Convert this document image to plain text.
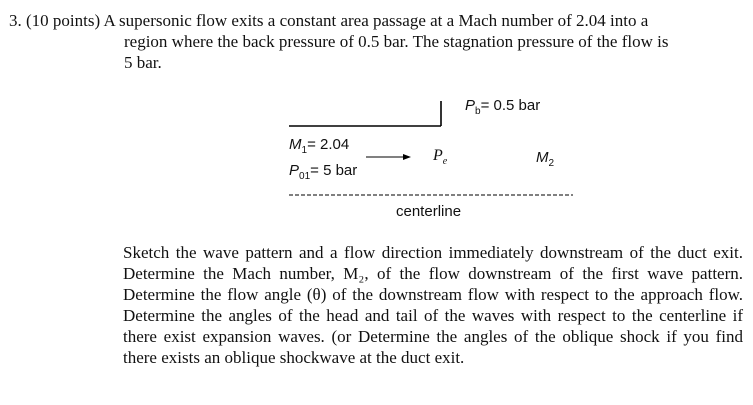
3. (10 points) A supersonic flow exits a constant area passage at a Mach number of 2.04 into a
region where the back pressure of 0.5 bar. The stagnation pressure of the flow is
5 bar.
$P_b= 0.5$ bar
$M_1= 2.04$
$P_{01}= 5$ bar
$P_e$	$M_2$
centerline

Sketch the wave pattern and a flow direction immediately downstream of the duct exit. Determine the Mach number, M₂, of the flow downstream of the first wave pattern. Determine the flow angle (θ) of the downstream flow with respect to the approach flow. Determine the angles of the head and tail of the waves with respect to the centerline if there exist expansion waves. (or Determine the angles of the oblique shock if you find there exists an oblique shockwave at the duct exit.
